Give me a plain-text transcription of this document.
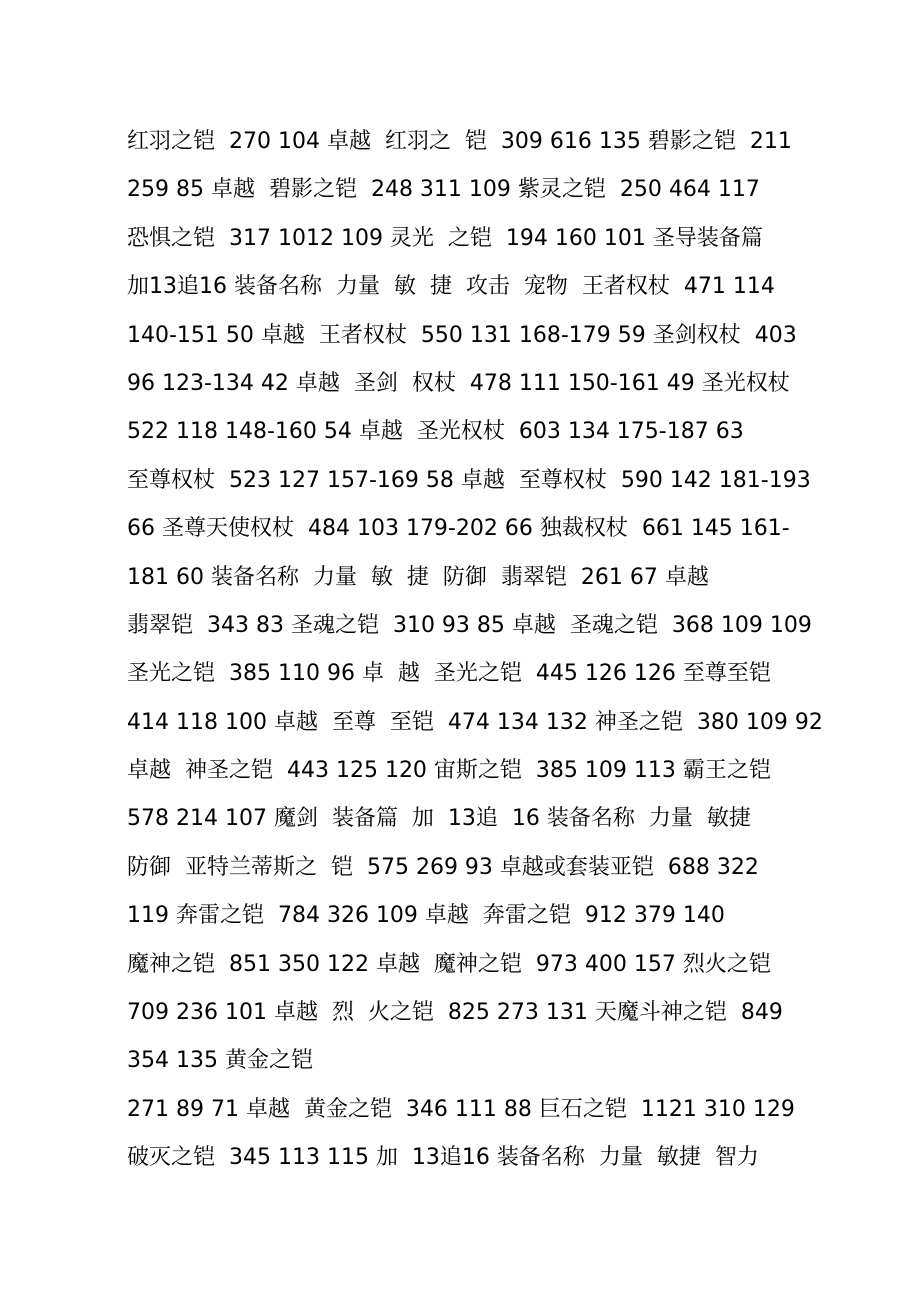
红羽之铠  270 104 卓越  红羽之  铠  309 616 135 碧影之铠  211
259 85 卓越  碧影之铠  248 311 109 紫灵之铠  250 464 117
恐惧之铠  317 1012 109 灵光  之铠  194 160 101 圣导装备篇
加13追16 装备名称  力量  敏  捷  攻击  宠物  王者权杖  471 114
140-151 50 卓越  王者权杖  550 131 168-179 59 圣剑权杖  403
96 123-134 42 卓越  圣剑  权杖  478 111 150-161 49 圣光权杖
522 118 148-160 54 卓越  圣光权杖  603 134 175-187 63
至尊权杖  523 127 157-169 58 卓越  至尊权杖  590 142 181-193
66 圣尊天使权杖  484 103 179-202 66 独裁权杖  661 145 161-
181 60 装备名称  力量  敏  捷  防御  翡翠铠  261 67 卓越
翡翠铠  343 83 圣魂之铠  310 93 85 卓越  圣魂之铠  368 109 109
圣光之铠  385 110 96 卓  越  圣光之铠  445 126 126 至尊至铠
414 118 100 卓越  至尊  至铠  474 134 132 神圣之铠  380 109 92
卓越  神圣之铠  443 125 120 宙斯之铠  385 109 113 霸王之铠
578 214 107 魔剑  装备篇  加  13追  16 装备名称  力量  敏捷
防御  亚特兰蒂斯之  铠  575 269 93 卓越或套装亚铠  688 322
119 奔雷之铠  784 326 109 卓越  奔雷之铠  912 379 140
魔神之铠  851 350 122 卓越  魔神之铠  973 400 157 烈火之铠
709 236 101 卓越  烈  火之铠  825 273 131 天魔斗神之铠  849
354 135 黄金之铠
271 89 71 卓越  黄金之铠  346 111 88 巨石之铠  1121 310 129
破灭之铠  345 113 115 加  13追16 装备名称  力量  敏捷  智力
